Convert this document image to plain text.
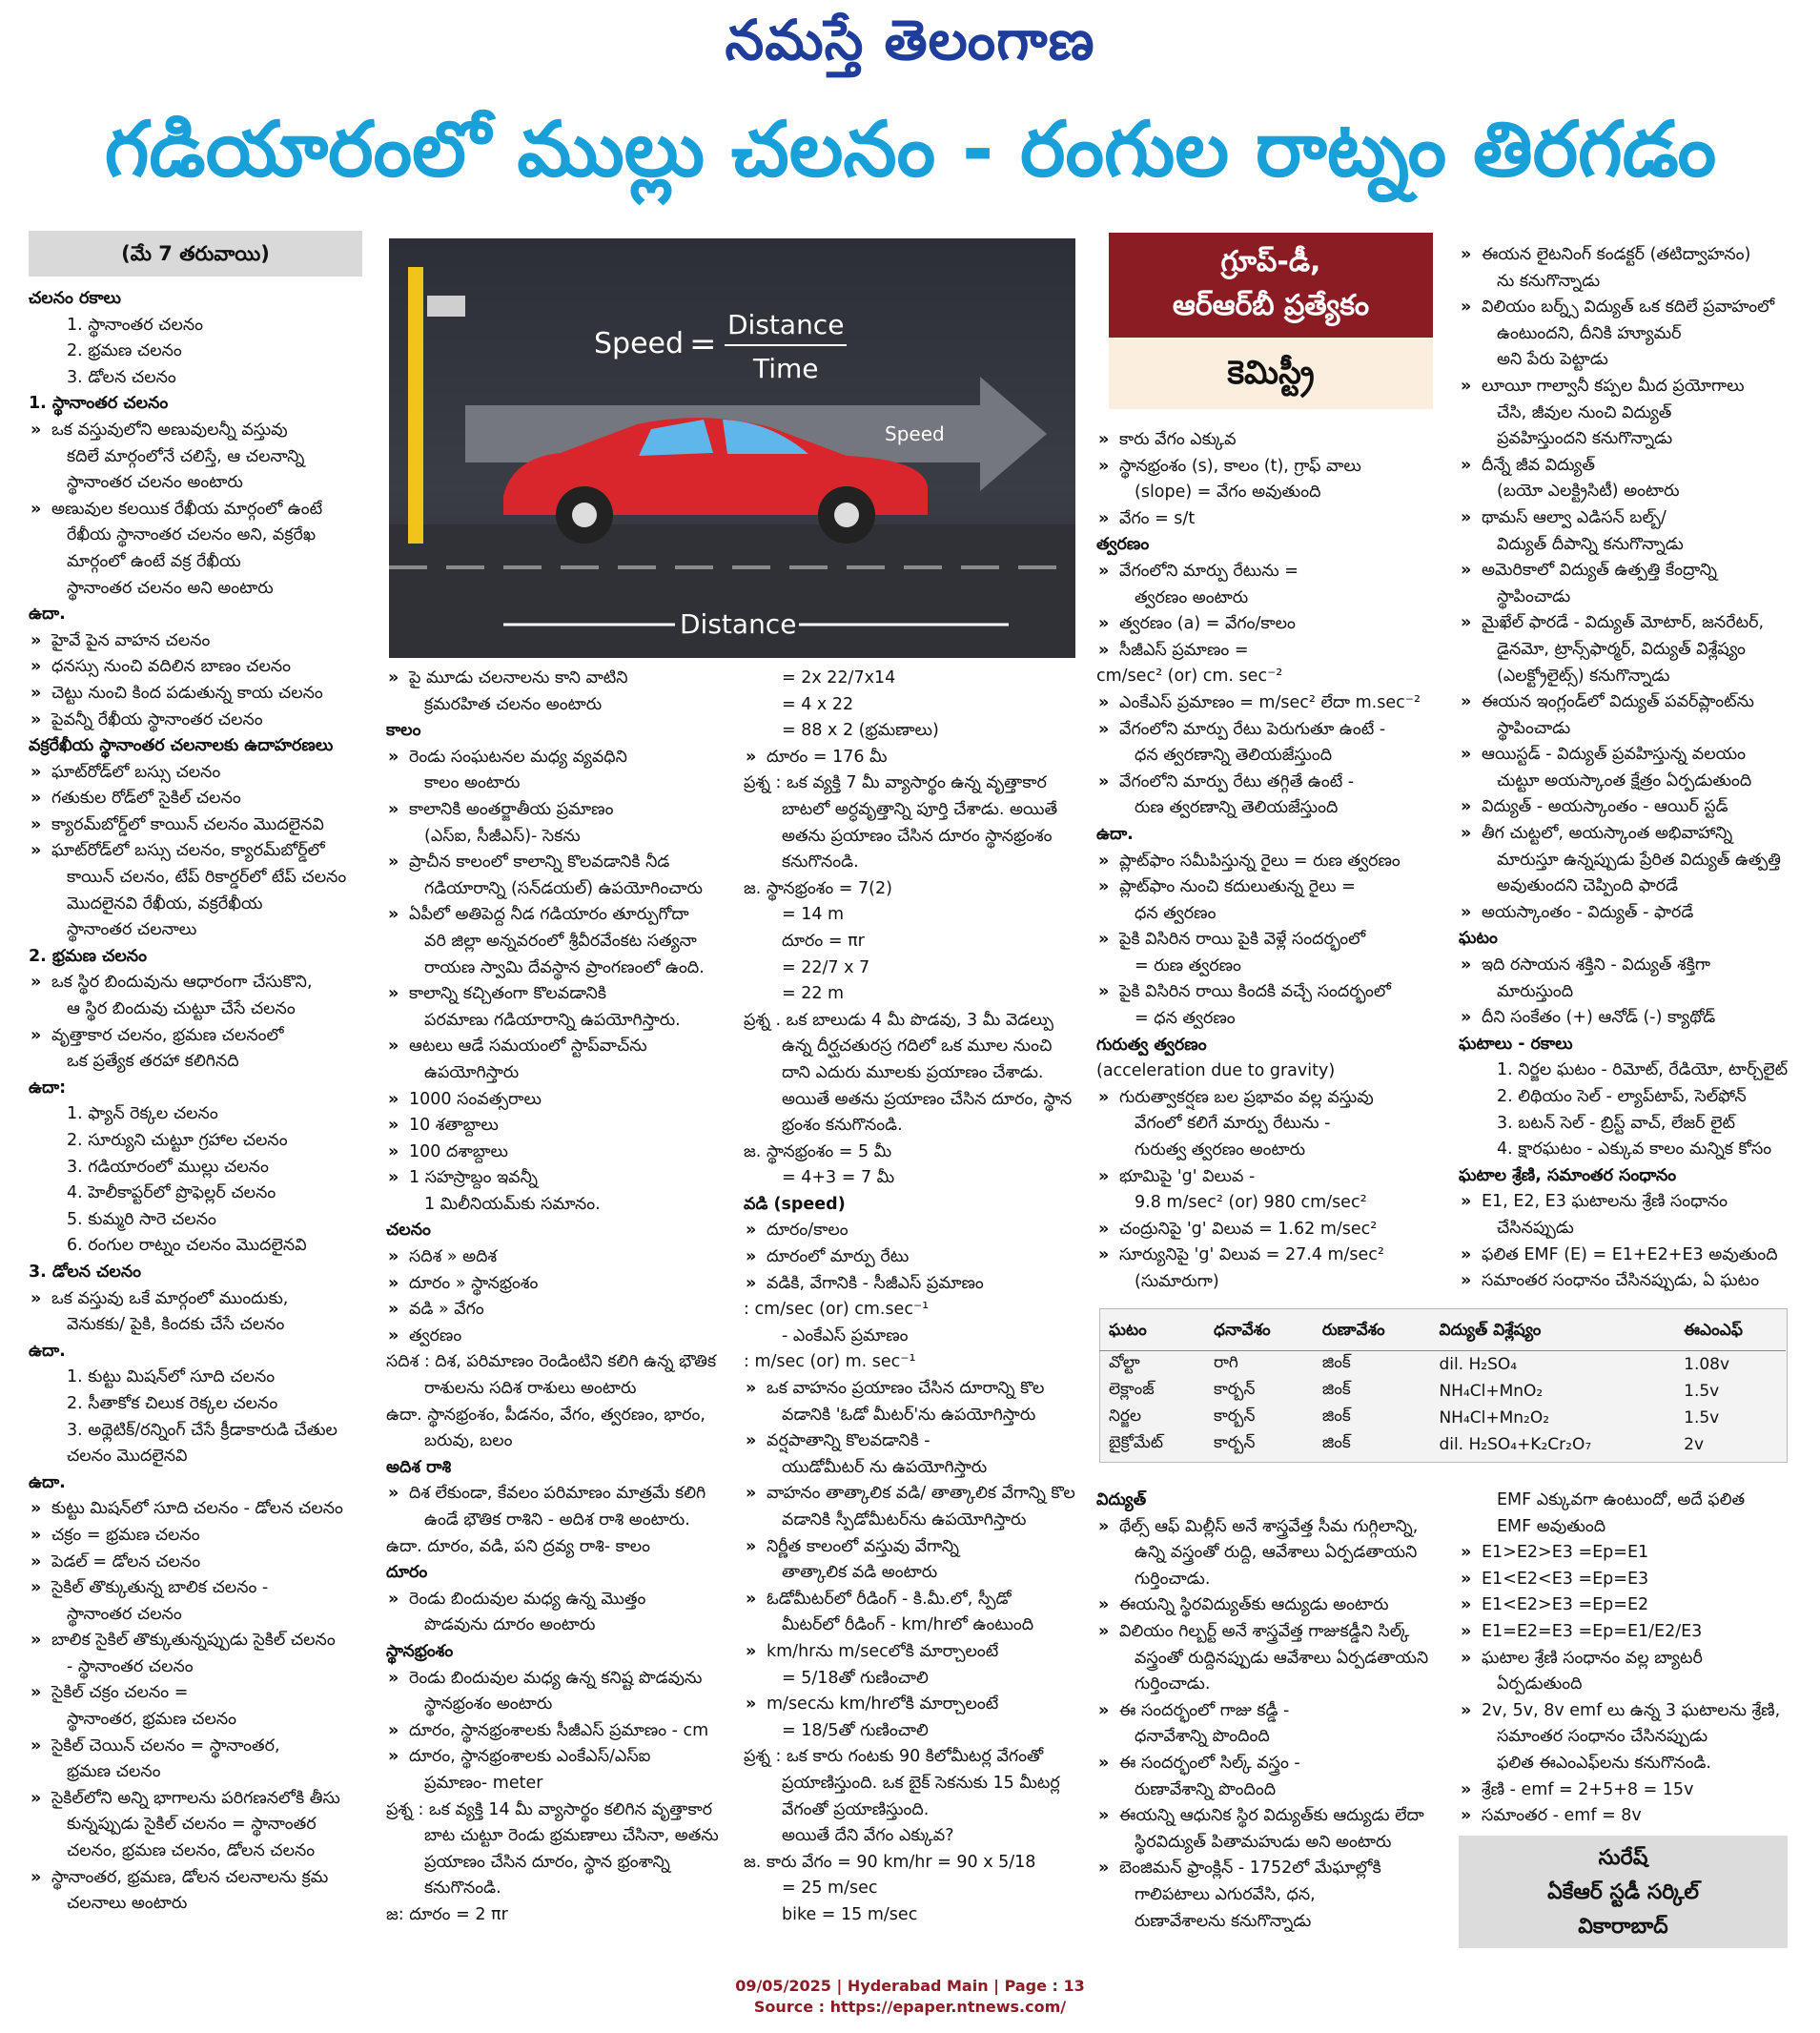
నమస్తే తెలంగాణ
గడియారంలో ముల్లు చలనం - రంగుల రాట్నం తిరగడం
(మే 7 తరువాయి)
చలనం రకాలు
1. స్థానాంతర చలనం
2. భ్రమణ చలనం
3. డోలన చలనం
1. స్థానాంతర చలనం
» ఒక వస్తువులోని అణువులన్నీ వస్తువు
కదిలే మార్గంలోనే చలిస్తే, ఆ చలనాన్ని
స్థానాంతర చలనం అంటారు
» అణువుల కలయిక రేఖీయ మార్గంలో ఉంటే
రేఖీయ స్థానాంతర చలనం అని, వక్రరేఖ
మార్గంలో ఉంటే వక్ర రేఖీయ
స్థానాంతర చలనం అని అంటారు
ఉదా.
» హైవే పైన వాహన చలనం
» ధనస్సు నుంచి వదిలిన బాణం చలనం
» చెట్టు నుంచి కింద పడుతున్న కాయ చలనం
» పైవన్నీ రేఖీయ స్థానాంతర చలనం
వక్రరేఖీయ స్థానాంతర చలనాలకు ఉదాహరణలు
» ఘాట్‌రోడ్‌లో బస్సు చలనం
» గతుకుల రోడ్‌లో సైకిల్ చలనం
» క్యారమ్‌బోర్డ్‌లో కాయిన్ చలనం మొదలైనవి
» ఘాట్‌రోడ్‌లో బస్సు చలనం, క్యారమ్‌బోర్డ్‌లో
కాయిన్ చలనం, టేప్ రికార్డర్‌లో టేప్ చలనం
మొదలైనవి రేఖీయ, వక్రరేఖీయ
స్థానాంతర చలనాలు
2. భ్రమణ చలనం
» ఒక స్థిర బిందువును ఆధారంగా చేసుకొని,
ఆ స్థిర బిందువు చుట్టూ చేసే చలనం
» వృత్తాకార చలనం, భ్రమణ చలనంలో
ఒక ప్రత్యేక తరహా కలిగినది
ఉదా:
1. ఫ్యాన్ రెక్కల చలనం
2. సూర్యుని చుట్టూ గ్రహాల చలనం
3. గడియారంలో ముల్లు చలనం
4. హెలీకాప్టర్‌లో ప్రొఫెల్లర్ చలనం
5. కుమ్మరి సారె చలనం
6. రంగుల రాట్నం చలనం మొదలైనవి
3. డోలన చలనం
» ఒక వస్తువు ఒకే మార్గంలో ముందుకు,
వెనుకకు/ పైకి, కిందకు చేసే చలనం
ఉదా.
1. కుట్టు మిషన్‌లో సూది చలనం
2. సీతాకోక చిలుక రెక్కల చలనం
3. అథ్లెటిక్/రన్నింగ్ చేసే క్రీడాకారుడి చేతుల
చలనం మొదలైనవి
ఉదా.
» కుట్టు మిషన్‌లో సూది చలనం - డోలన చలనం
» చక్రం = భ్రమణ చలనం
» పెడల్ = డోలన చలనం
» సైకిల్ తొక్కుతున్న బాలిక చలనం -
స్థానాంతర చలనం
» బాలిక సైకిల్ తొక్కుతున్నప్పుడు సైకిల్ చలనం
- స్థానాంతర చలనం
» సైకిల్ చక్రం చలనం =
స్థానాంతర, భ్రమణ చలనం
» సైకిల్ చెయిన్ చలనం = స్థానాంతర,
భ్రమణ చలనం
» సైకిల్‌లోని అన్ని భాగాలను పరిగణనలోకి తీసు
కున్నప్పుడు సైకిల్ చలనం = స్థానాంతర
చలనం, భ్రమణ చలనం, డోలన చలనం
» స్థానాంతర, భ్రమణ, డోలన చలనాలను క్రమ
చలనాలు అంటారు
Speed =
Distance
Time
Speed
Distance
» పై మూడు చలనాలను కాని వాటిని
క్రమరహిత చలనం అంటారు
కాలం
» రెండు సంఘటనల మధ్య వ్యవధిని
కాలం అంటారు
» కాలానికి అంతర్జాతీయ ప్రమాణం
(ఎస్ఐ, సీజీఎస్)- సెకను
» ప్రాచీన కాలంలో కాలాన్ని కొలవడానికి నీడ
గడియారాన్ని (సన్‌డయల్) ఉపయోగించారు
» ఏపీలో అతిపెద్ద నీడ గడియారం తూర్పుగోదా
వరి జిల్లా అన్నవరంలో శ్రీవీరవేంకట సత్యనా
రాయణ స్వామి దేవస్థాన ప్రాంగణంలో ఉంది.
» కాలాన్ని కచ్చితంగా కొలవడానికి
పరమాణు గడియారాన్ని ఉపయోగిస్తారు.
» ఆటలు ఆడే సమయంలో స్టాప్‌వాచ్‌ను
ఉపయోగిస్తారు
» 1000 సంవత్సరాలు
» 10 శతాబ్దాలు
» 100 దశాబ్దాలు
» 1 సహస్రాబ్దం ఇవన్నీ
1 మిలీనియమ్‌కు సమానం.
చలనం
» సదిశ » అదిశ
» దూరం » స్థానభ్రంశం
» వడి » వేగం
» త్వరణం
సదిశ : దిశ, పరిమాణం రెండింటిని కలిగి ఉన్న భౌతిక
రాశులను సదిశ రాశులు అంటారు
ఉదా. స్థానభ్రంశం, పీడనం, వేగం, త్వరణం, భారం,
బరువు, బలం
అదిశ రాశి
» దిశ లేకుండా, కేవలం పరిమాణం మాత్రమే కలిగి
ఉండే భౌతిక రాశిని - అదిశ రాశి అంటారు.
ఉదా. దూరం, వడి, పని ద్రవ్య రాశి- కాలం
దూరం
» రెండు బిందువుల మధ్య ఉన్న మొత్తం
పొడవును దూరం అంటారు
స్థానభ్రంశం
» రెండు బిందువుల మధ్య ఉన్న కనిష్ట పొడవును
స్థానభ్రంశం అంటారు
» దూరం, స్థానభ్రంశాలకు సీజీఎస్ ప్రమాణం - cm
» దూరం, స్థానభ్రంశాలకు ఎంకేఎస్/ఎస్ఐ
ప్రమాణం- meter
ప్రశ్న : ఒక వ్యక్తి 14 మీ వ్యాసార్థం కలిగిన వృత్తాకార
బాట చుట్టూ రెండు భ్రమణాలు చేసినా, అతను
ప్రయాణం చేసిన దూరం, స్థాన భ్రంశాన్ని
కనుగొనండి.
జ: దూరం = 2 πr
= 2x 22/7x14
= 4 x 22
= 88 x 2 (భ్రమణాలు)
» దూరం = 176 మీ
ప్రశ్న : ఒక వ్యక్తి 7 మీ వ్యాసార్థం ఉన్న వృత్తాకార
బాటలో అర్ధవృత్తాన్ని పూర్తి చేశాడు. అయితే
అతను ప్రయాణం చేసిన దూరం స్థానభ్రంశం
కనుగొనండి.
జ. స్థానభ్రంశం = 7(2)
= 14 m
దూరం = πr
= 22/7 x 7
= 22 m
ప్రశ్న . ఒక బాలుడు 4 మీ పొడవు, 3 మీ వెడల్పు
ఉన్న దీర్ఘచతురస్ర గదిలో ఒక మూల నుంచి
దాని ఎదురు మూలకు ప్రయాణం చేశాడు.
అయితే అతను ప్రయాణం చేసిన దూరం, స్థాన
భ్రంశం కనుగొనండి.
జ. స్థానభ్రంశం = 5 మీ
= 4+3 = 7 మీ
వడి (speed)
» దూరం/కాలం
» దూరంలో మార్పు రేటు
» వడికి, వేగానికి - సీజీఎస్ ప్రమాణం
: cm/sec (or) cm.sec⁻¹
- ఎంకేఎస్ ప్రమాణం
: m/sec (or) m. sec⁻¹
» ఒక వాహనం ప్రయాణం చేసిన దూరాన్ని కొల
వడానికి 'ఓడో మీటర్'ను ఉపయోగిస్తారు
» వర్షపాతాన్ని కొలవడానికి -
యుడోమీటర్ ను ఉపయోగిస్తారు
» వాహనం తాత్కాలిక వడి/ తాత్కాలిక వేగాన్ని కొల
వడానికి స్పీడోమీటర్‌ను ఉపయోగిస్తారు
» నిర్ణీత కాలంలో వస్తువు వేగాన్ని
తాత్కాలిక వడి అంటారు
» ఓడోమీటర్‌లో రీడింగ్ - కి.మీ.లో, స్పీడో
మీటర్‌లో రీడింగ్ - km/hrలో ఉంటుంది
» km/hrను m/secలోకి మార్చాలంటే
= 5/18తో గుణించాలి
» m/secను km/hrలోకి మార్చాలంటే
= 18/5తో గుణించాలి
ప్రశ్న : ఒక కారు గంటకు 90 కిలోమీటర్ల వేగంతో
ప్రయాణిస్తుంది. ఒక బైక్ సెకనుకు 15 మీటర్ల
వేగంతో ప్రయాణిస్తుంది.
అయితే దేని వేగం ఎక్కువ?
జ. కారు వేగం = 90 km/hr = 90 x 5/18
= 25 m/sec
bike = 15 m/sec
గ్రూప్-డీ,
ఆర్ఆర్‌బీ ప్రత్యేకం
కెమిస్ట్రీ
» కారు వేగం ఎక్కువ
» స్థానభ్రంశం (s), కాలం (t), గ్రాఫ్ వాలు
(slope) = వేగం అవుతుంది
» వేగం = s/t
త్వరణం
» వేగంలోని మార్పు రేటును =
త్వరణం అంటారు
» త్వరణం (a) = వేగం/కాలం
» సీజీఎస్ ప్రమాణం =
cm/sec² (or) cm. sec⁻²
» ఎంకేఎస్ ప్రమాణం = m/sec² లేదా m.sec⁻²
» వేగంలోని మార్పు రేటు పెరుగుతూ ఉంటే -
ధన త్వరణాన్ని తెలియజేస్తుంది
» వేగంలోని మార్పు రేటు తగ్గితే ఉంటే -
రుణ త్వరణాన్ని తెలియజేస్తుంది
ఉదా.
» ప్లాట్‌ఫాం సమీపిస్తున్న రైలు = రుణ త్వరణం
» ప్లాట్‌ఫాం నుంచి కదులుతున్న రైలు =
ధన త్వరణం
» పైకి విసిరిన రాయి పైకి వెళ్లే సందర్భంలో
= రుణ త్వరణం
» పైకి విసిరిన రాయి కిందకి వచ్చే సందర్భంలో
= ధన త్వరణం
గురుత్వ త్వరణం
(acceleration due to gravity)
» గురుత్వాకర్షణ బల ప్రభావం వల్ల వస్తువు
వేగంలో కలిగే మార్పు రేటును -
గురుత్వ త్వరణం అంటారు
» భూమిపై 'g' విలువ -
9.8 m/sec² (or) 980 cm/sec²
» చంద్రునిపై 'g' విలువ = 1.62 m/sec²
» సూర్యునిపై 'g' విలువ = 27.4 m/sec²
(సుమారుగా)
విద్యుత్
» థేల్స్ ఆఫ్ మిల్లీస్ అనే శాస్త్రవేత్త సీమ గుగ్గిలాన్ని,
ఉన్ని వస్త్రంతో రుద్ది, ఆవేశాలు ఏర్పడతాయని
గుర్తించాడు.
» ఈయన్ని స్థిరవిద్యుత్‌కు ఆద్యుడు అంటారు
» విలియం గిల్బర్ట్ అనే శాస్త్రవేత్త గాజుకడ్డీని సిల్క్
వస్త్రంతో రుద్దినప్పుడు ఆవేశాలు ఏర్పడతాయని
గుర్తించాడు.
» ఈ సందర్భంలో గాజు కడ్డీ -
ధనావేశాన్ని పొందింది
» ఈ సందర్భంలో సిల్క్ వస్త్రం -
రుణావేశాన్ని పొందింది
» ఈయన్ని ఆధునిక స్థిర విద్యుత్‌కు ఆద్యుడు లేదా
స్థిరవిద్యుత్ పితామహుడు అని అంటారు
» బెంజిమన్ ఫ్రాంక్లిన్ - 1752లో మేఘాల్లోకి
గాలిపటాలు ఎగురవేసి, ధన,
రుణావేశాలను కనుగొన్నాడు
» ఈయన లైటనింగ్ కండక్టర్ (తటిద్వాహనం)
ను కనుగొన్నాడు
» విలియం బర్న్స్ విద్యుత్ ఒక కదిలే ప్రవాహంలో
ఉంటుందని, దీనికి హ్యూమర్
అని పేరు పెట్టాడు
» లూయీ గాల్వానీ కప్పల మీద ప్రయోగాలు
చేసి, జీవుల నుంచి విద్యుత్
ప్రవహిస్తుందని కనుగొన్నాడు
» దీన్నే జీవ విద్యుత్
(బయో ఎలక్ట్రిసిటీ) అంటారు
» థామస్ ఆల్వా ఎడిసన్ బల్బ్/
విద్యుత్ దీపాన్ని కనుగొన్నాడు
» అమెరికాలో విద్యుత్ ఉత్పత్తి కేంద్రాన్ని
స్థాపించాడు
» మైఖేల్ ఫారడే - విద్యుత్ మోటార్, జనరేటర్,
డైనమో, ట్రాన్స్‌ఫార్మర్, విద్యుత్ విశ్లేష్యం
(ఎలక్ట్రోలైట్స్) కనుగొన్నాడు
» ఈయన ఇంగ్లండ్‌లో విద్యుత్ పవర్‌ప్లాంట్‌ను
స్థాపించాడు
» ఆయిస్టడ్ - విద్యుత్ ప్రవహిస్తున్న వలయం
చుట్టూ అయస్కాంత క్షేత్రం ఏర్పడుతుంది
» విద్యుత్ - అయస్కాంతం - ఆయిర్ స్టడ్
» తీగ చుట్టలో, అయస్కాంత అభివాహాన్ని
మారుస్తూ ఉన్నప్పుడు ప్రేరిత విద్యుత్ ఉత్పత్తి
అవుతుందని చెప్పింది ఫారడే
» అయస్కాంతం - విద్యుత్ - ఫారడే
ఘటం
» ఇది రసాయన శక్తిని - విద్యుత్ శక్తిగా
మారుస్తుంది
» దీని సంకేతం (+) ఆనోడ్ (-) క్యాథోడ్
ఘటాలు - రకాలు
1. నిర్జల ఘటం - రిమోట్, రేడియో, టార్చ్‌లైట్
2. లిథియం సెల్ - ల్యాప్‌టాప్, సెల్‌ఫోన్
3. బటన్ సెల్ - బ్రిస్ట్ వాచ్, లేజర్ లైట్
4. క్షారఘటం - ఎక్కువ కాలం మన్నిక కోసం
ఘటాల శ్రేణి, సమాంతర సంధానం
» E1, E2, E3 ఘటాలను శ్రేణి సంధానం
చేసినప్పుడు
» ఫలిత EMF (E) = E1+E2+E3 అవుతుంది
» సమాంతర సంధానం చేసినప్పుడు, ఏ ఘటం
EMF ఎక్కువగా ఉంటుందో, అదే ఫలిత
EMF అవుతుంది
» E1>E2>E3 =Ep=E1
» E1<E2<E3 =Ep=E3
» E1<E2>E3 =Ep=E2
» E1=E2=E3 =Ep=E1/E2/E3
» ఘటాల శ్రేణి సంధానం వల్ల బ్యాటరీ
ఏర్పడుతుంది
» 2v, 5v, 8v emf లు ఉన్న 3 ఘటాలను శ్రేణి,
సమాంతర సంధానం చేసినప్పుడు
ఫలిత ఈఎంఎఫ్‌లను కనుగొనండి.
» శ్రేణి - emf = 2+5+8 = 15v
» సమాంతర - emf = 8v
ఘటం	ధనావేశం	రుణావేశం	విద్యుత్ విశ్లేష్యం	ఈఎంఎఫ్
వోల్టా	రాగి	జింక్	dil. H₂SO₄	1.08v
లెక్లాంజ్	కార్బన్	జింక్	NH₄Cl+MnO₂	1.5v
నిర్జల	కార్బన్	జింక్	NH₄Cl+Mn₂O₂	1.5v
బైక్రోమేట్	కార్బన్	జింక్	dil. H₂SO₄+K₂Cr₂O₇	2v
సురేష్
ఏకేఆర్ స్టడీ సర్కిల్
వికారాబాద్
09/05/2025 | Hyderabad Main | Page : 13
Source : https://epaper.ntnews.com/
